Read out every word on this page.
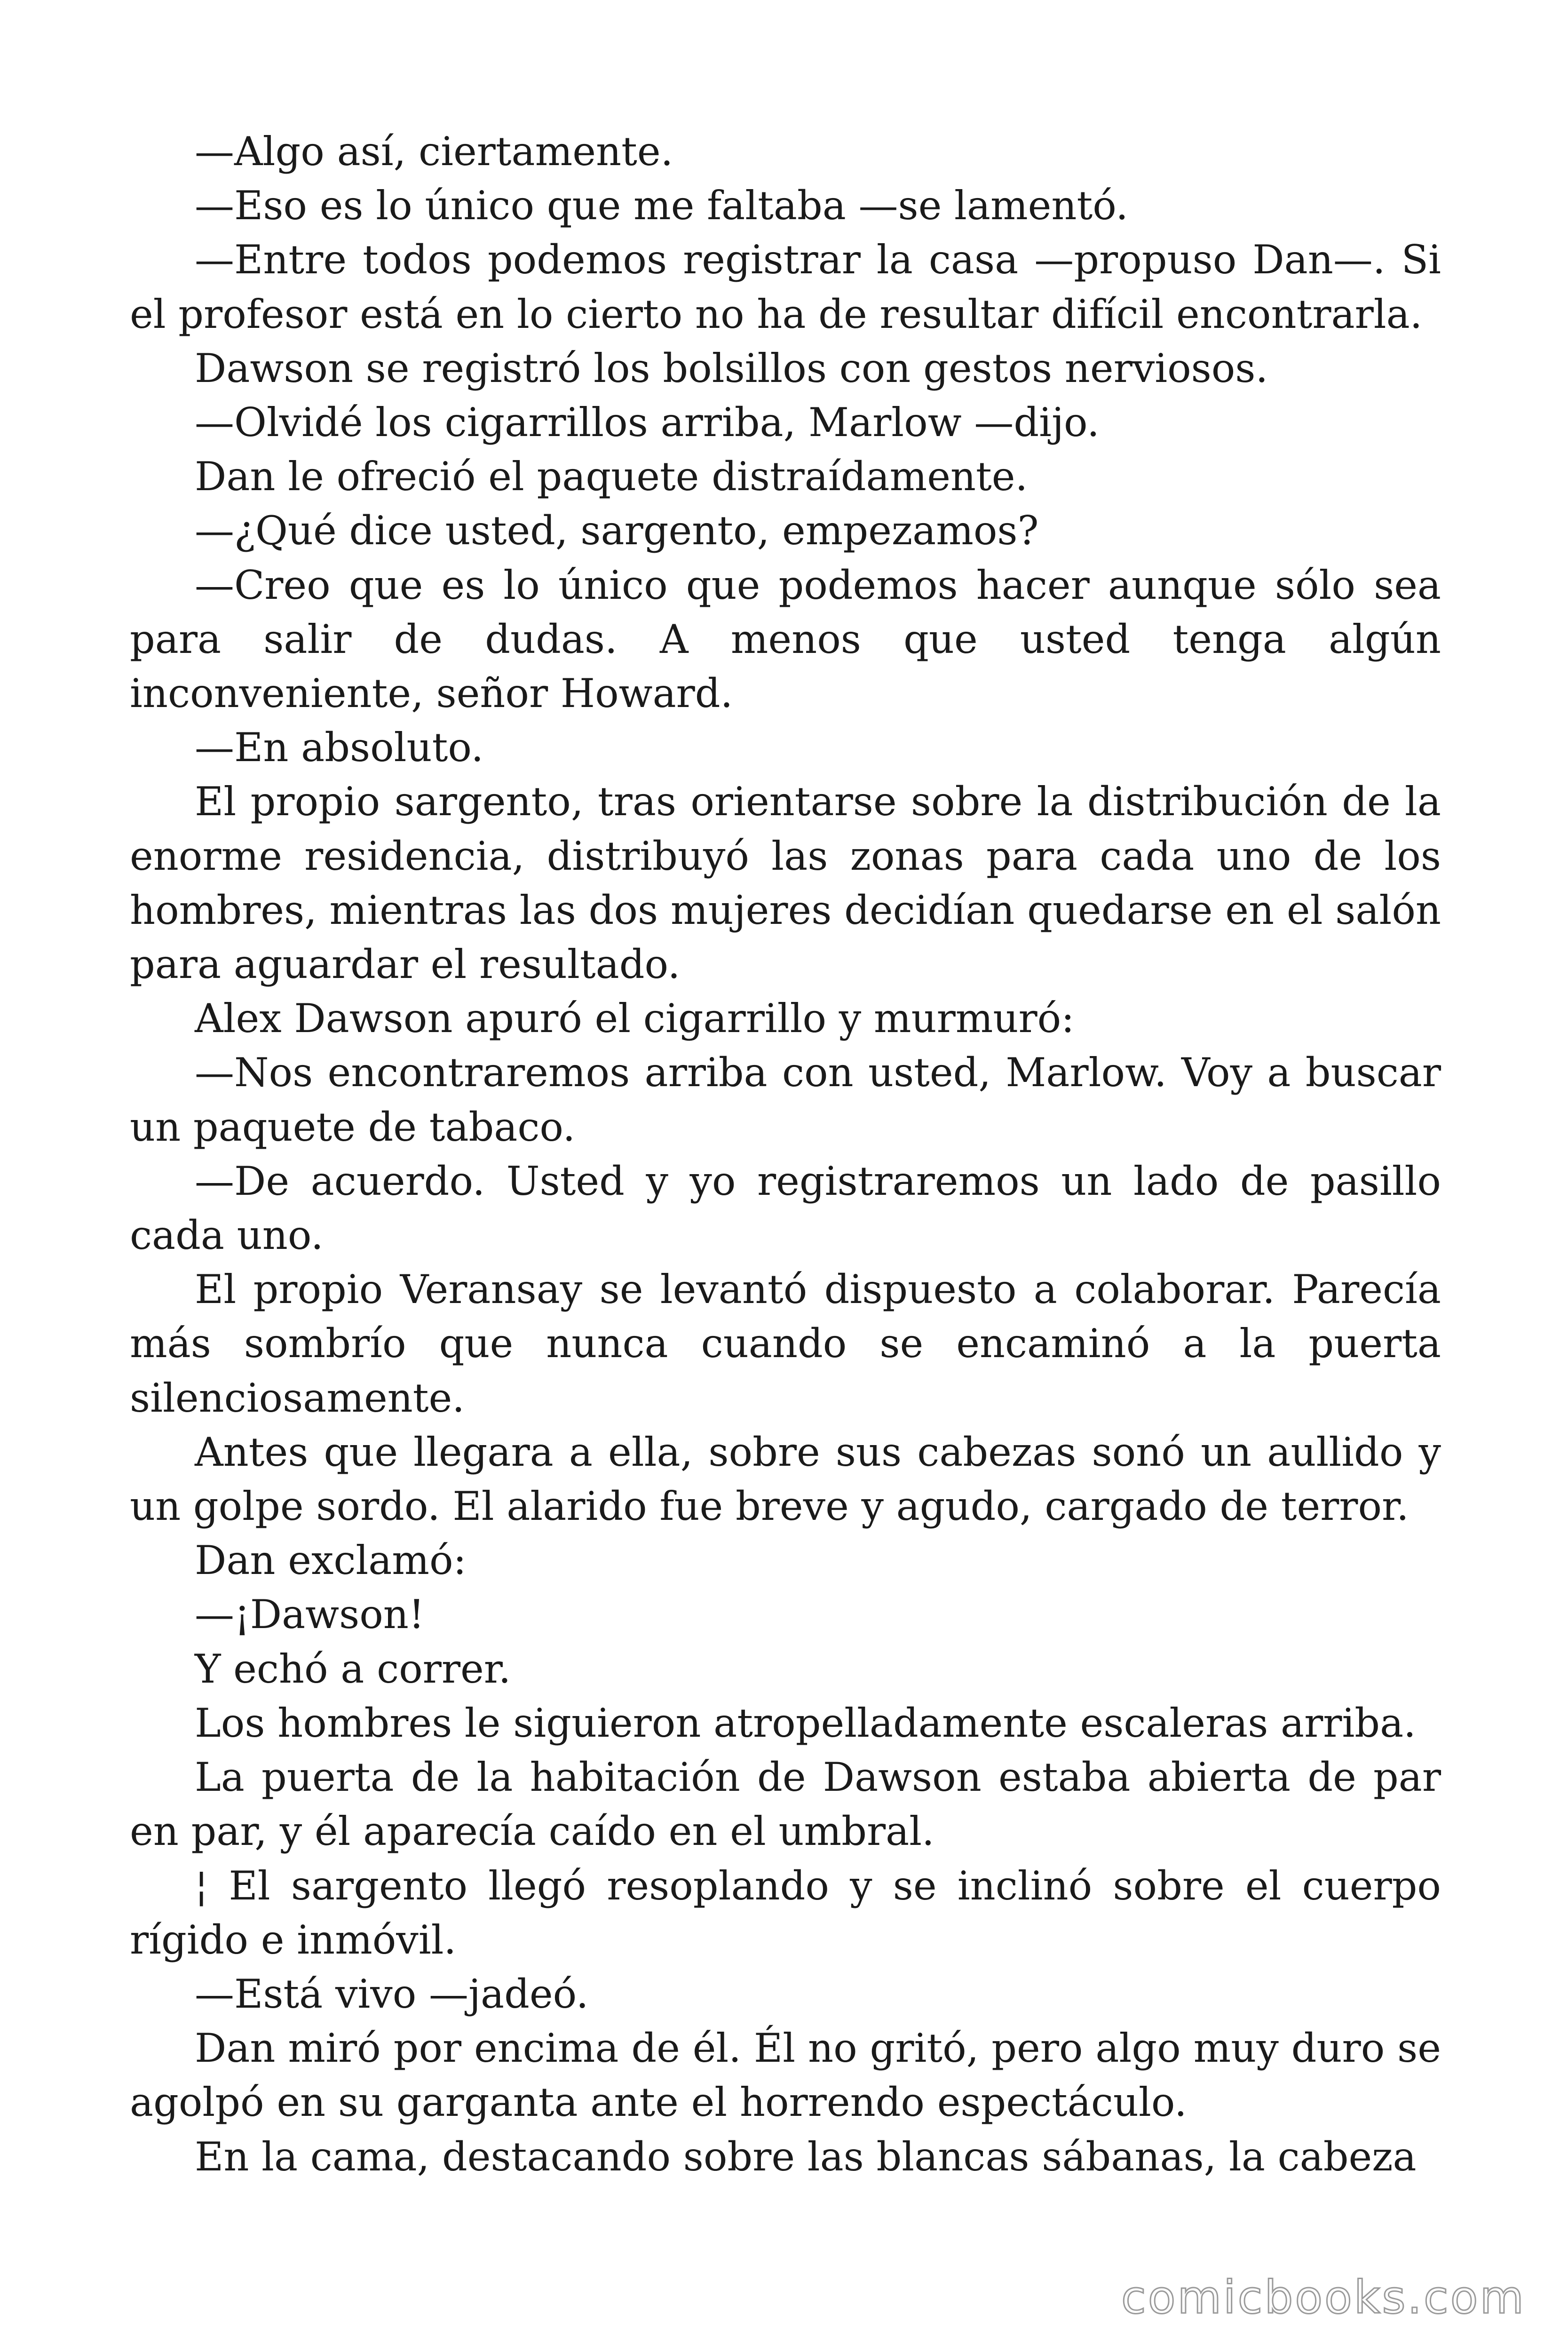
—Algo así, ciertamente.

—Eso es lo único que me faltaba —se lamentó.

—Entre todos podemos registrar la casa —propuso Dan—. Si el profesor está en lo cierto no ha de resultar difícil encontrarla.

Dawson se registró los bolsillos con gestos nerviosos.

—Olvidé los cigarrillos arriba, Marlow —dijo.

Dan le ofreció el paquete distraídamente.

—¿Qué dice usted, sargento, empezamos?

—Creo que es lo único que podemos hacer aunque sólo sea para salir de dudas. A menos que usted tenga algún inconveniente, señor Howard.

—En absoluto.

El propio sargento, tras orientarse sobre la distribución de la enorme residencia, distribuyó las zonas para cada uno de los hombres, mientras las dos mujeres decidían quedarse en el salón para aguardar el resultado.

Alex Dawson apuró el cigarrillo y murmuró:

—Nos encontraremos arriba con usted, Marlow. Voy a buscar un paquete de tabaco.

—De acuerdo. Usted y yo registraremos un lado de pasillo cada uno.

El propio Veransay se levantó dispuesto a colaborar. Parecía más sombrío que nunca cuando se encaminó a la puerta silenciosamente.

Antes que llegara a ella, sobre sus cabezas sonó un aullido y un golpe sordo. El alarido fue breve y agudo, cargado de terror.

Dan exclamó:

—¡Dawson!

Y echó a correr.

Los hombres le siguieron atropelladamente escaleras arriba.

La puerta de la habitación de Dawson estaba abierta de par en par, y él aparecía caído en el umbral.

¦ El sargento llegó resoplando y se inclinó sobre el cuerpo rígido e inmóvil.

—Está vivo —jadeó.

Dan miró por encima de él. Él no gritó, pero algo muy duro se agolpó en su garganta ante el horrendo espectáculo.

En la cama, destacando sobre las blancas sábanas, la cabeza

comicbooks.com
